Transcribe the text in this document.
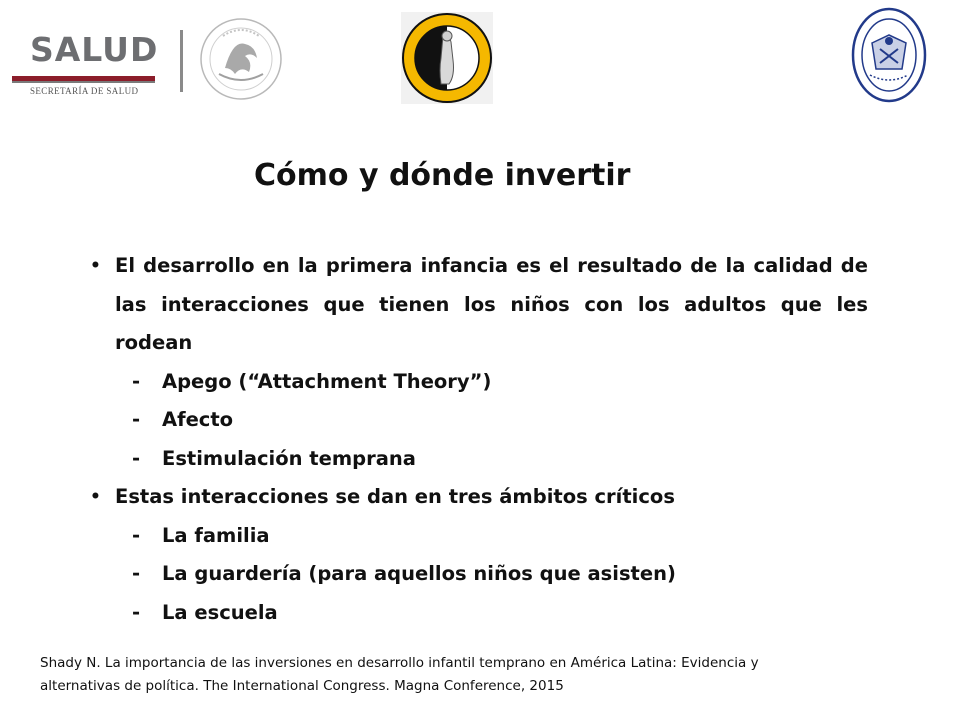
SALUD
SECRETARÍA DE SALUD
Cómo y dónde invertir
• El desarrollo en la primera infancia es el resultado de la calidad de las interacciones que tienen los niños con los adultos que les rodean
- Apego (“Attachment Theory”)
- Afecto
- Estimulación temprana
• Estas interacciones se dan en tres ámbitos críticos
- La familia
- La guardería (para aquellos niños que asisten)
- La escuela
Shady N. La importancia de las inversiones en desarrollo infantil temprano en América Latina: Evidencia y
alternativas de política. The International Congress. Magna Conference, 2015
